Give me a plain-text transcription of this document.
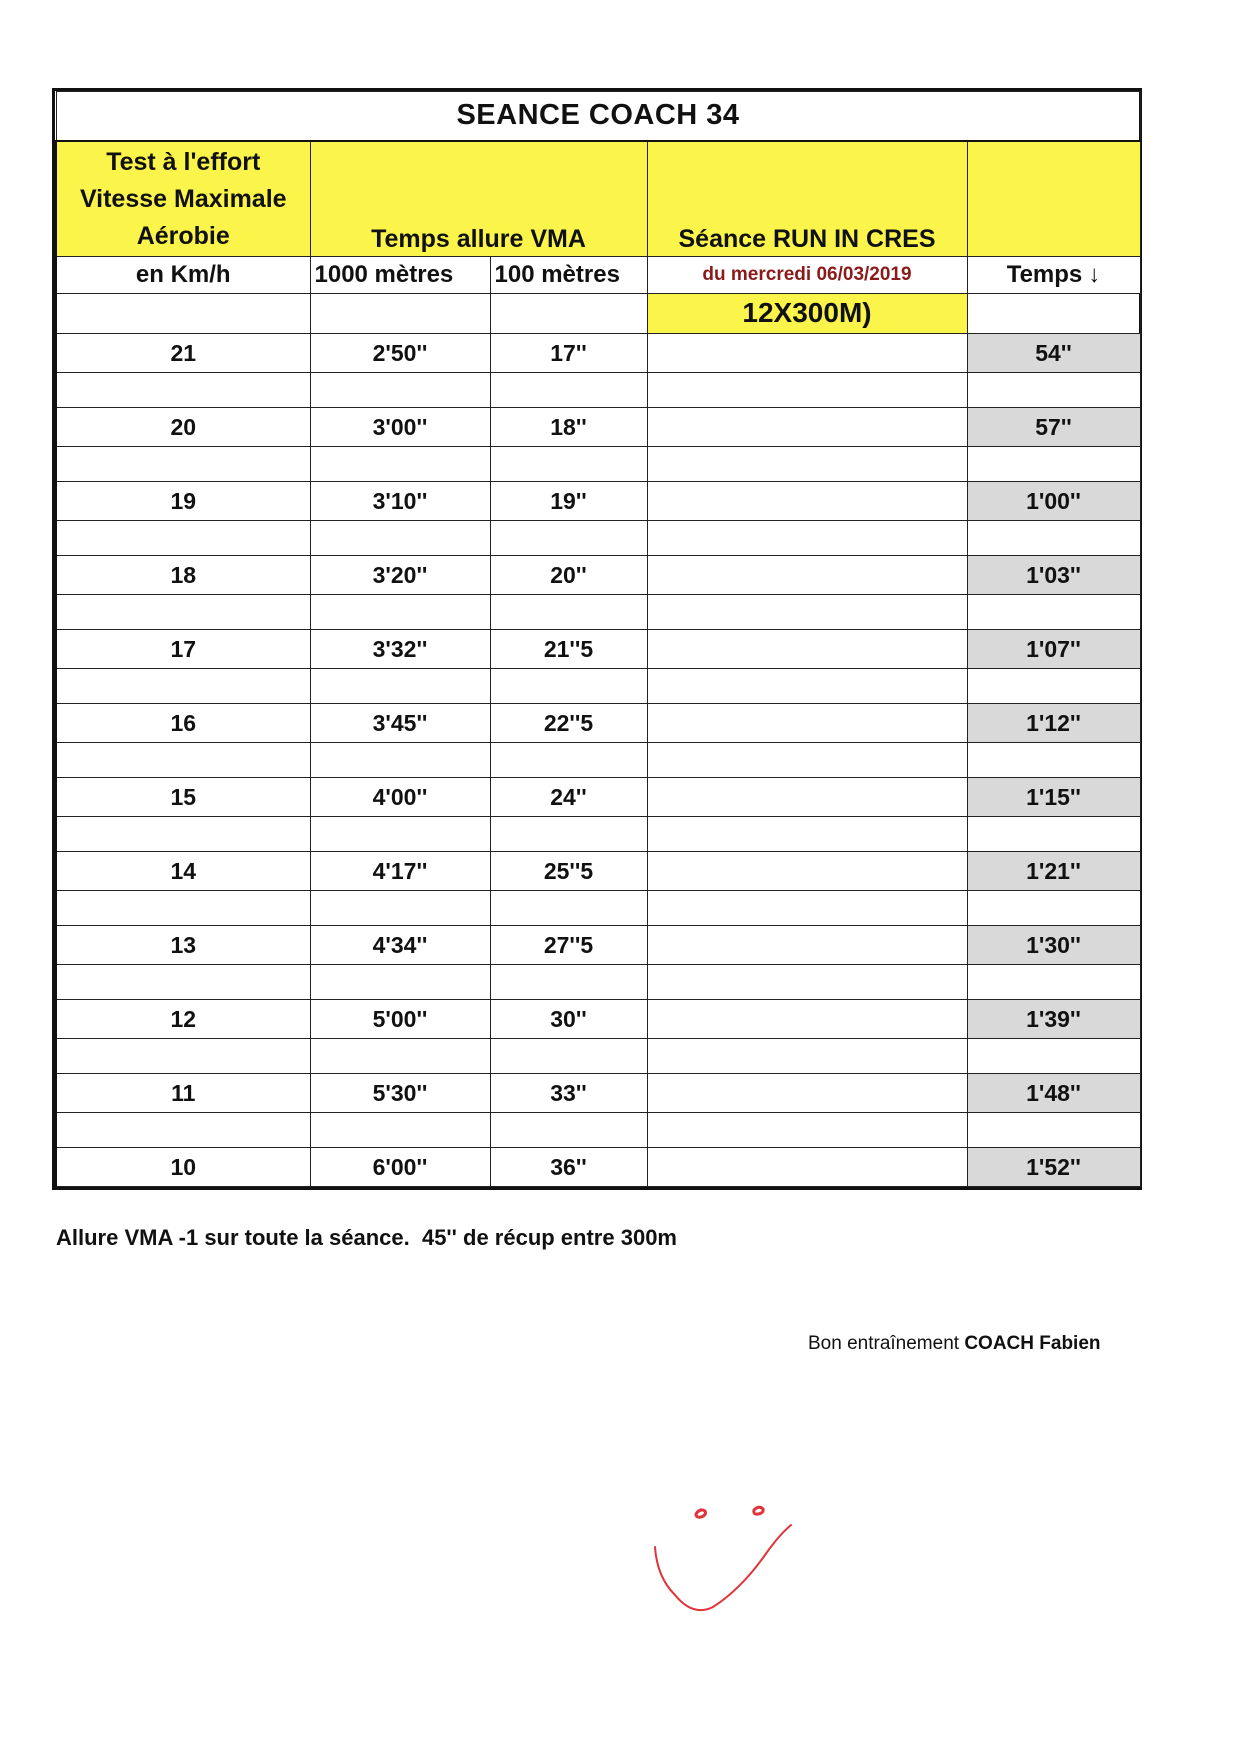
SEANCE COACH 34				

Test à l'effort
Vitesse Maximale
Aérobie	Temps allure VMA		Séance RUN IN CRES	
en Km/h	1000 mètres	100 mètres	du mercredi 06/03/2019	Temps ↓
			12X300M)	
21	2'50''	17''		54''

20	3'00''	18''		57''

19	3'10''	19''		1'00''

18	3'20''	20''		1'03''

17	3'32''	21''5		1'07''

16	3'45''	22''5		1'12''

15	4'00''	24''		1'15''

14	4'17''	25''5		1'21''

13	4'34''	27''5		1'30''

12	5'00''	30''		1'39''

11	5'30''	33''		1'48''

10	6'00''	36''		1'52''
Allure VMA -1 sur toute la séance.  45'' de récup entre 300m
Bon entraînement COACH Fabien
